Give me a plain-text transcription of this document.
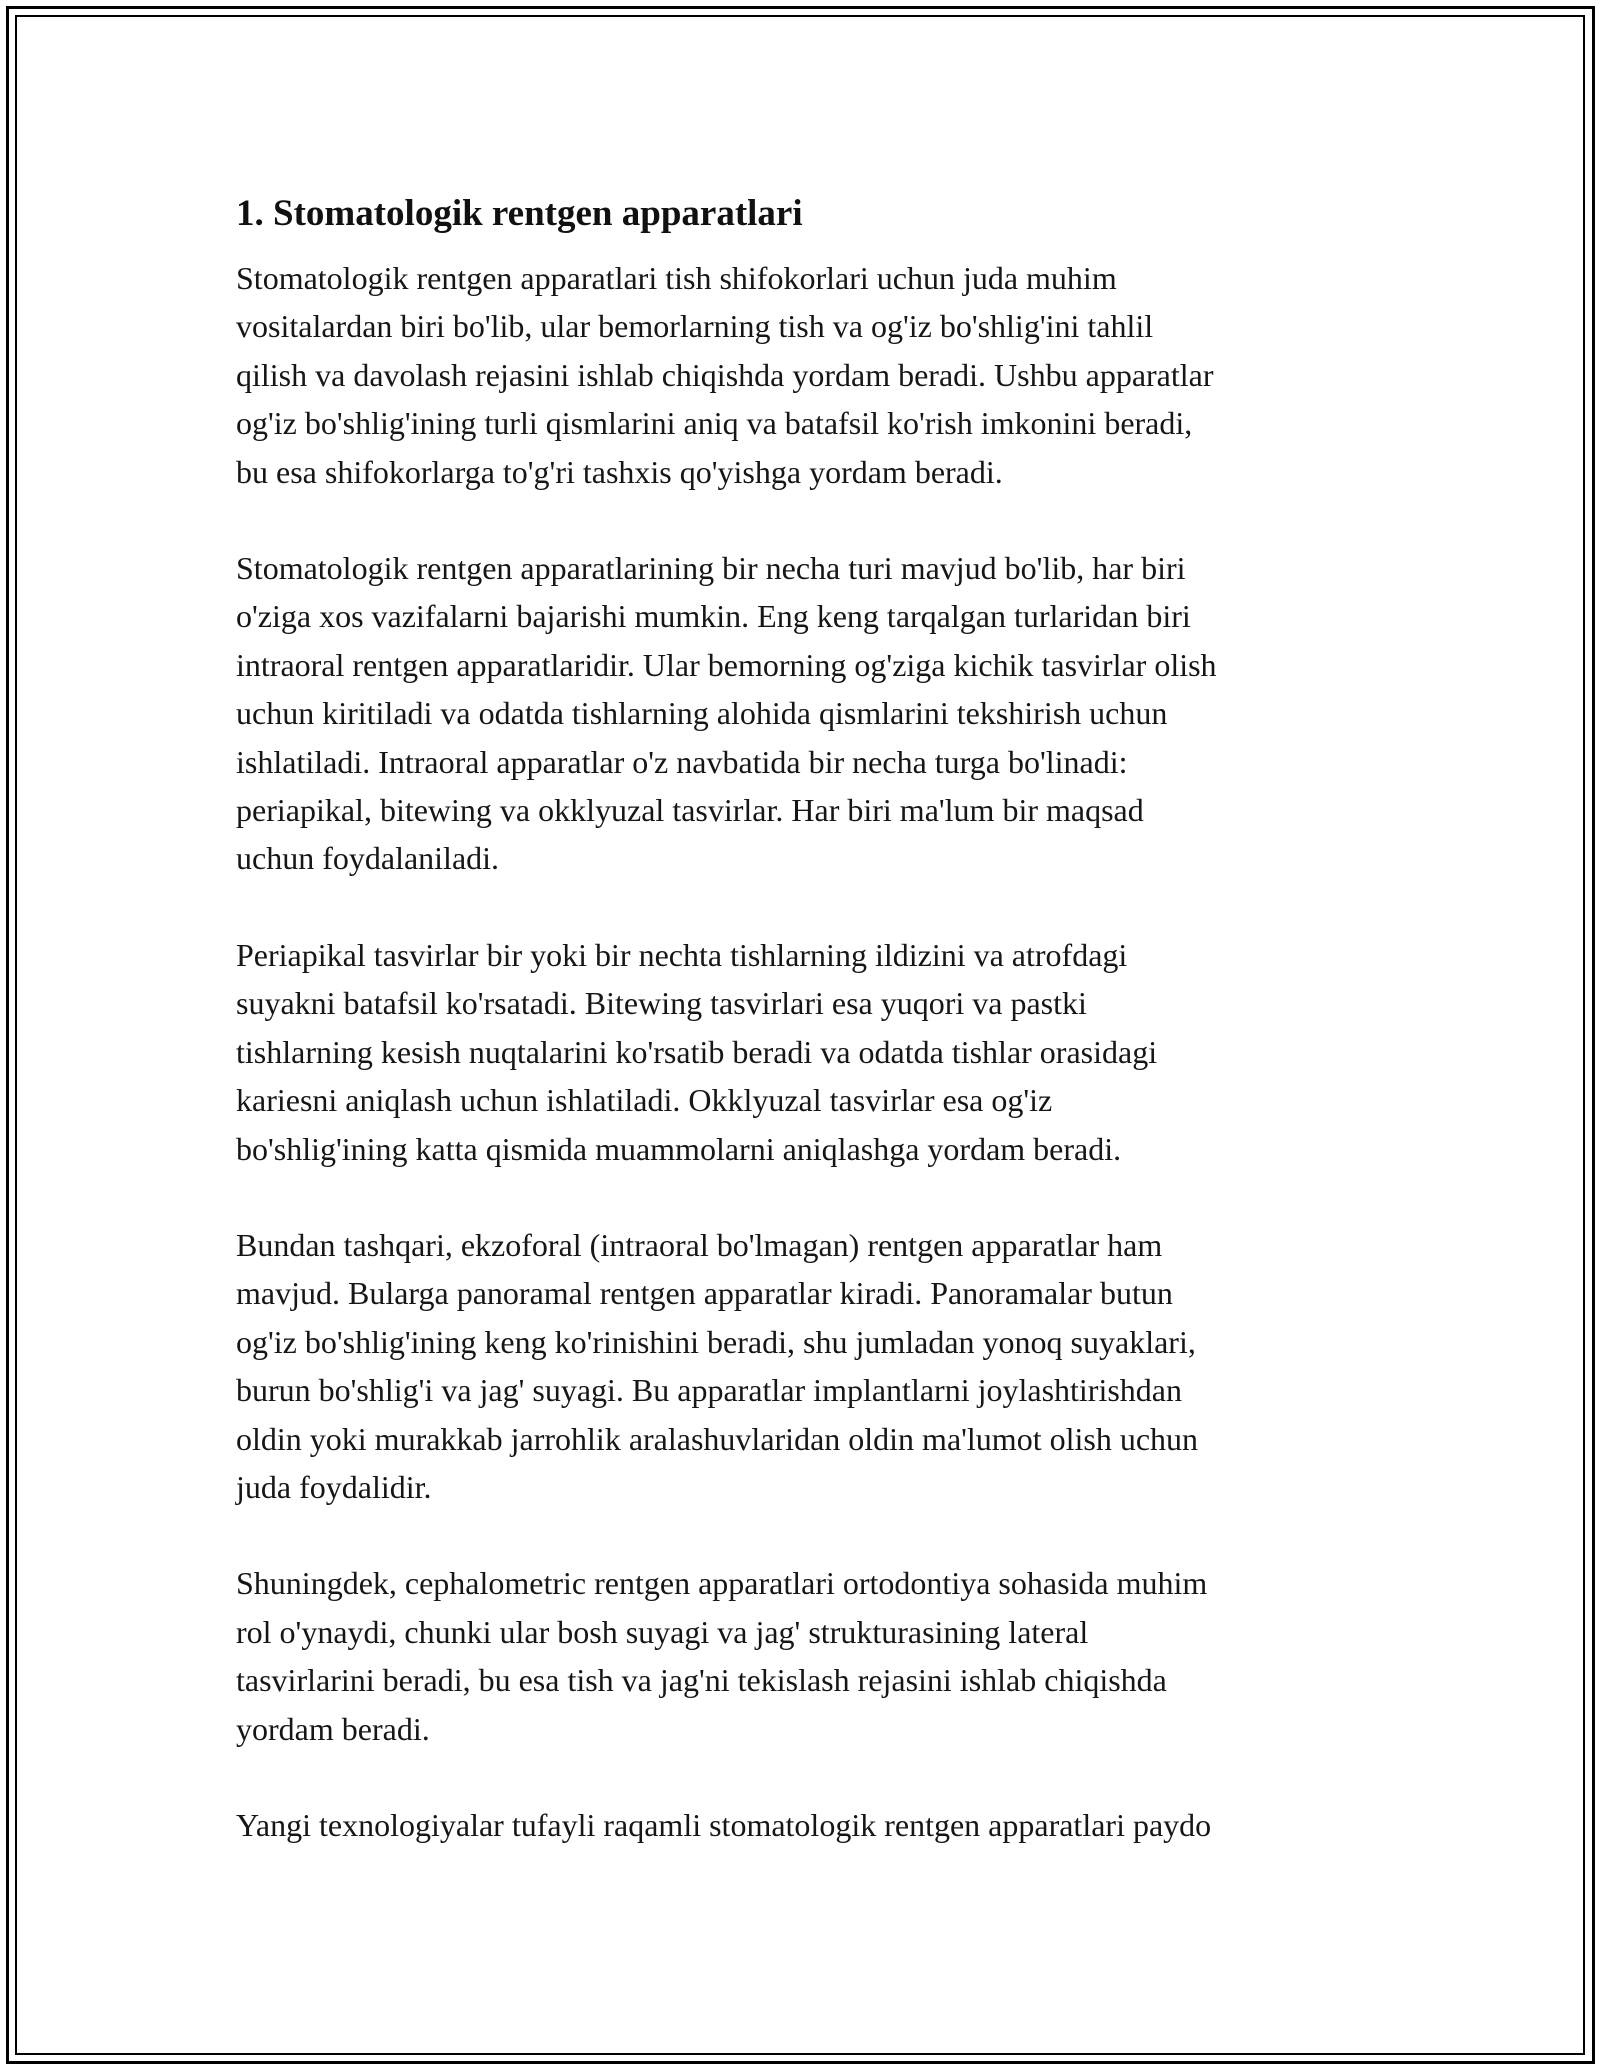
1. Stomatologik rentgen apparatlari

Stomatologik rentgen apparatlari tish shifokorlari uchun juda muhim
vositalardan biri bo'lib, ular bemorlarning tish va og'iz bo'shlig'ini tahlil
qilish va davolash rejasini ishlab chiqishda yordam beradi. Ushbu apparatlar
og'iz bo'shlig'ining turli qismlarini aniq va batafsil ko'rish imkonini beradi,
bu esa shifokorlarga to'g'ri tashxis qo'yishga yordam beradi.

Stomatologik rentgen apparatlarining bir necha turi mavjud bo'lib, har biri
o'ziga xos vazifalarni bajarishi mumkin. Eng keng tarqalgan turlaridan biri
intraoral rentgen apparatlaridir. Ular bemorning og'ziga kichik tasvirlar olish
uchun kiritiladi va odatda tishlarning alohida qismlarini tekshirish uchun
ishlatiladi. Intraoral apparatlar o'z navbatida bir necha turga bo'linadi:
periapikal, bitewing va okklyuzal tasvirlar. Har biri ma'lum bir maqsad
uchun foydalaniladi.

Periapikal tasvirlar bir yoki bir nechta tishlarning ildizini va atrofdagi
suyakni batafsil ko'rsatadi. Bitewing tasvirlari esa yuqori va pastki
tishlarning kesish nuqtalarini ko'rsatib beradi va odatda tishlar orasidagi
kariesni aniqlash uchun ishlatiladi. Okklyuzal tasvirlar esa og'iz
bo'shlig'ining katta qismida muammolarni aniqlashga yordam beradi.

Bundan tashqari, ekzoforal (intraoral bo'lmagan) rentgen apparatlar ham
mavjud. Bularga panoramal rentgen apparatlar kiradi. Panoramalar butun
og'iz bo'shlig'ining keng ko'rinishini beradi, shu jumladan yonoq suyaklari,
burun bo'shlig'i va jag' suyagi. Bu apparatlar implantlarni joylashtirishdan
oldin yoki murakkab jarrohlik aralashuvlaridan oldin ma'lumot olish uchun
juda foydalidir.

Shuningdek, cephalometric rentgen apparatlari ortodontiya sohasida muhim
rol o'ynaydi, chunki ular bosh suyagi va jag' strukturasining lateral
tasvirlarini beradi, bu esa tish va jag'ni tekislash rejasini ishlab chiqishda
yordam beradi.

Yangi texnologiyalar tufayli raqamli stomatologik rentgen apparatlari paydo
